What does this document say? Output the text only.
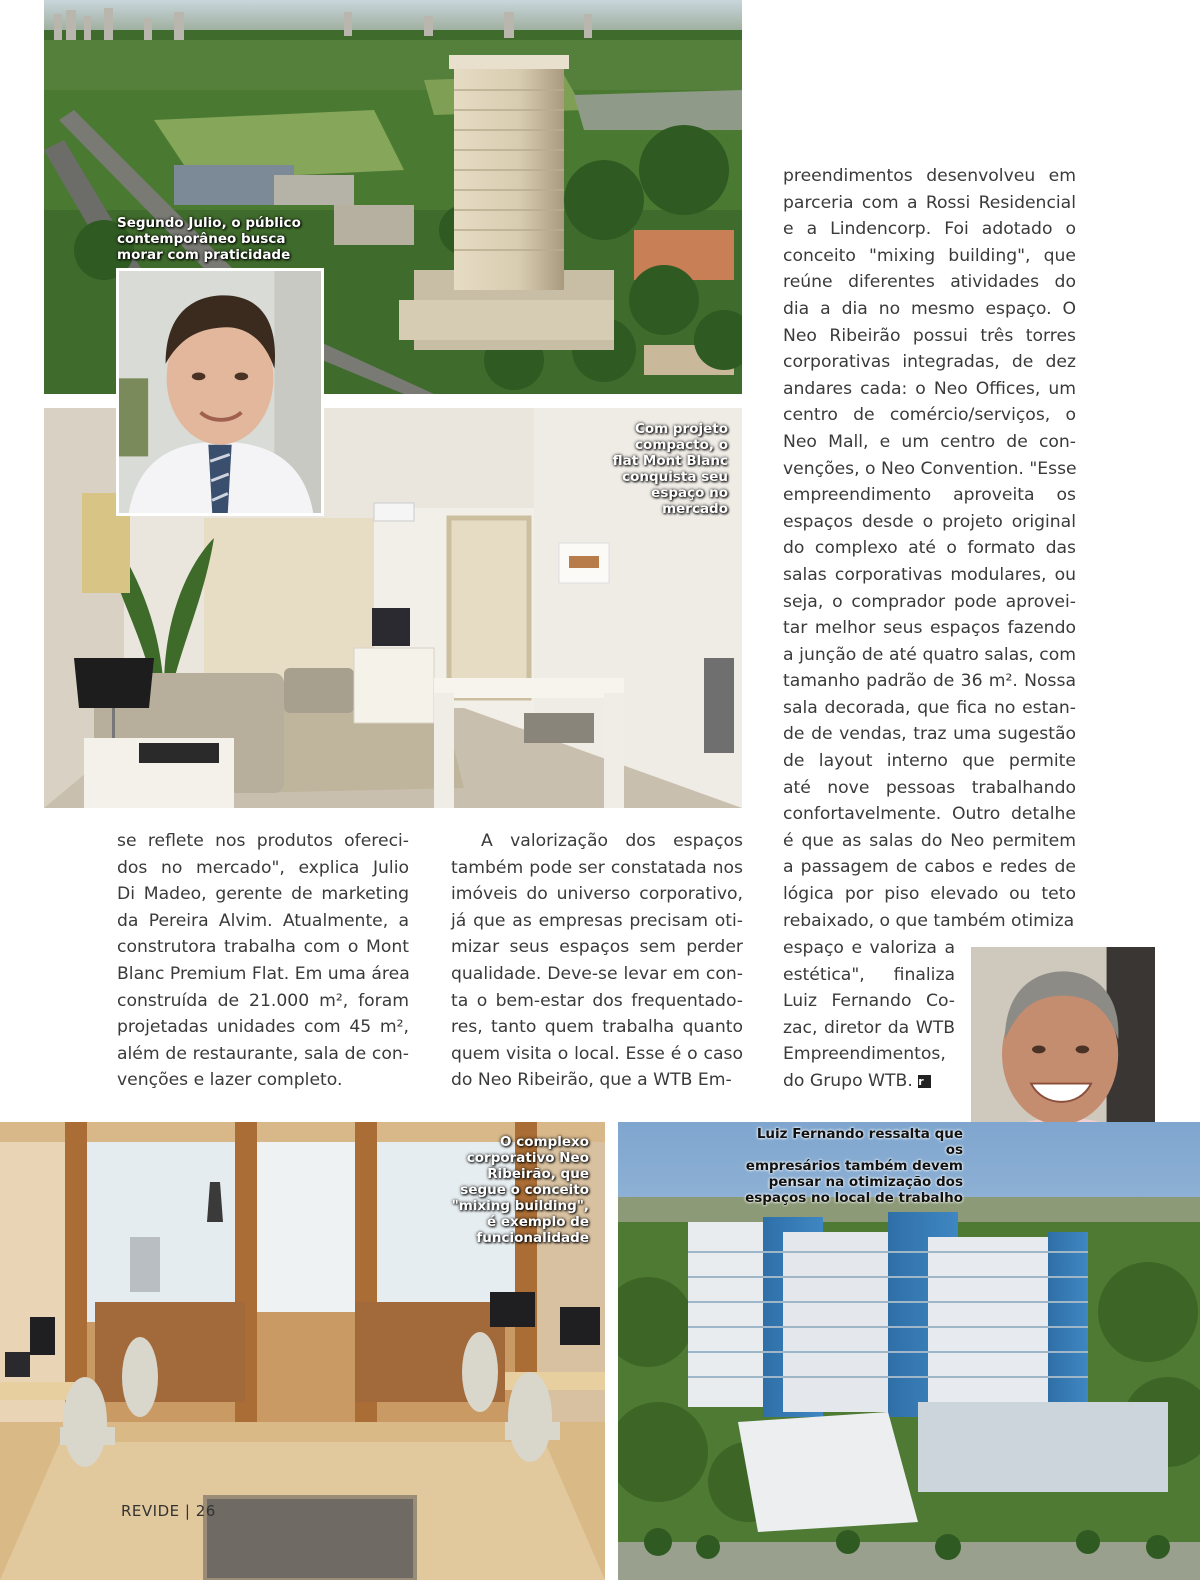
Segundo Julio, o público
contemporâneo busca
morar com praticidade
Com projeto
compacto, o
flat Mont Blanc
conquista seu
espaço no
mercado
se reflete nos produtos ofereci-
dos no mercado", explica Julio
Di Madeo, gerente de marketing
da Pereira Alvim. Atualmente, a
construtora trabalha com o Mont
Blanc Premium Flat. Em uma área
construída de 21.000 m², foram
projetadas unidades com 45 m²,
além de restaurante, sala de con-
venções e lazer completo.
A valorização dos espaços
também pode ser constatada nos
imóveis do universo corporativo,
já que as empresas precisam oti-
mizar seus espaços sem perder
qualidade. Deve-se levar em con-
ta o bem-estar dos frequentado-
res, tanto quem trabalha quanto
quem visita o local. Esse é o caso
do Neo Ribeirão, que a WTB Em-
preendimentos desenvolveu em
parceria com a Rossi Residencial
e a Lindencorp. Foi adotado o
conceito "mixing building", que
reúne diferentes atividades do
dia a dia no mesmo espaço. O
Neo Ribeirão possui três torres
corporativas integradas, de dez
andares cada: o Neo Offices, um
centro de comércio/serviços, o
Neo Mall, e um centro de con-
venções, o Neo Convention. "Esse
empreendimento aproveita os
espaços desde o projeto original
do complexo até o formato das
salas corporativas modulares, ou
seja, o comprador pode aprovei-
tar melhor seus espaços fazendo
a junção de até quatro salas, com
tamanho padrão de 36 m². Nossa
sala decorada, que fica no estan-
de de vendas, traz uma sugestão
de layout interno que permite
até nove pessoas trabalhando
confortavelmente. Outro detalhe
é que as salas do Neo permitem
a passagem de cabos e redes de
lógica por piso elevado ou teto
rebaixado, o que também otimiza
espaço e valoriza a
estética", finaliza
Luiz Fernando Co-
zac, diretor da WTB
Empreendimentos,
do Grupo WTB. r
O complexo
corporativo Neo
Ribeirão, que
segue o conceito
"mixing building",
é exemplo de
funcionalidade
Luiz Fernando ressalta que os
empresários também devem
pensar na otimização dos
espaços no local de trabalho
REVIDE | 26
